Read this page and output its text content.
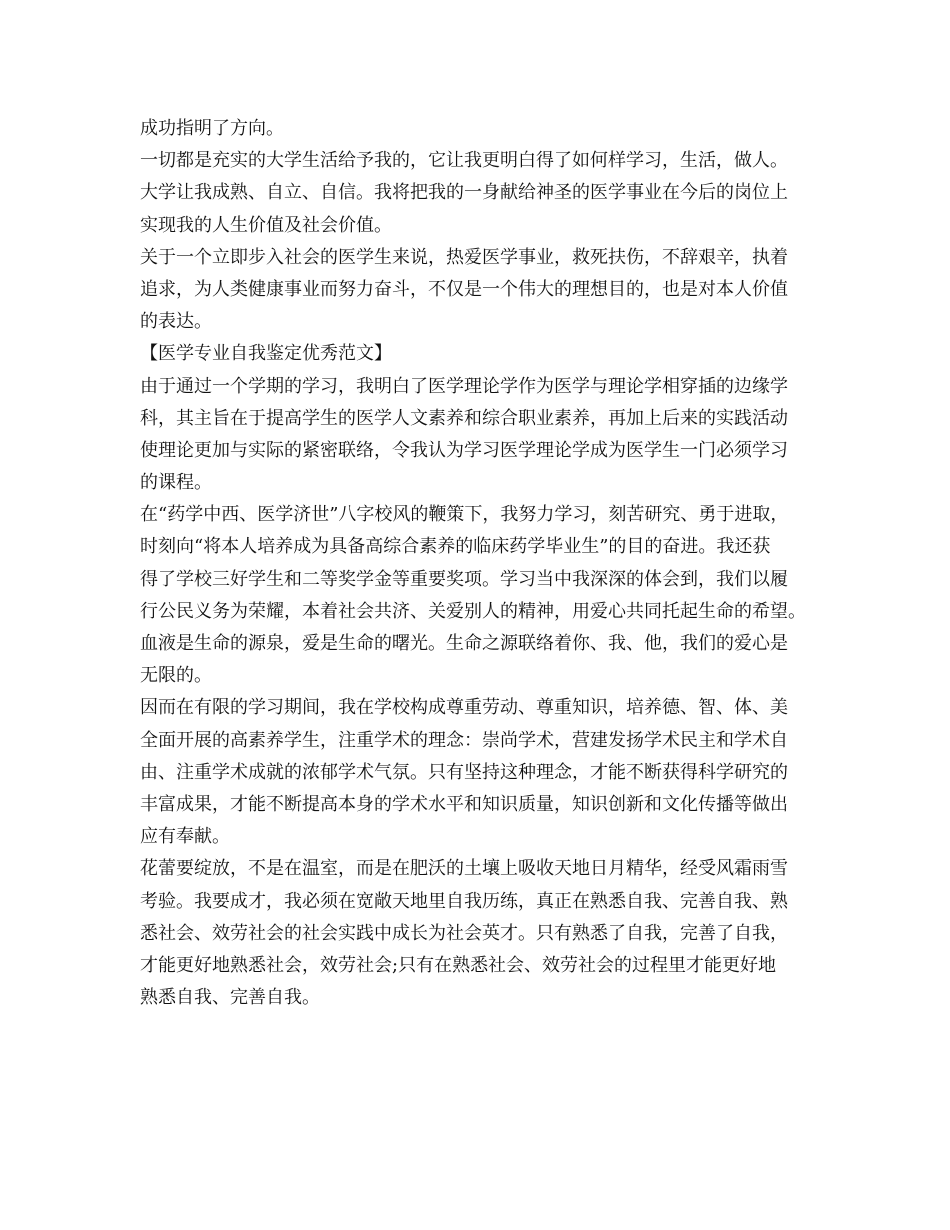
成功指明了方向。
一切都是充实的大学生活给予我的，它让我更明白得了如何样学习，生活，做人。
大学让我成熟、自立、自信。我将把我的一身献给神圣的医学事业在今后的岗位上
实现我的人生价值及社会价值。
关于一个立即步入社会的医学生来说，热爱医学事业，救死扶伤，不辞艰辛，执着
追求，为人类健康事业而努力奋斗，不仅是一个伟大的理想目的，也是对本人价值
的表达。
【医学专业自我鉴定优秀范文】
由于通过一个学期的学习，我明白了医学理论学作为医学与理论学相穿插的边缘学
科，其主旨在于提高学生的医学人文素养和综合职业素养，再加上后来的实践活动
使理论更加与实际的紧密联络，令我认为学习医学理论学成为医学生一门必须学习
的课程。
在“药学中西、医学济世”八字校风的鞭策下，我努力学习，刻苦研究、勇于进取，
时刻向“将本人培养成为具备高综合素养的临床药学毕业生”的目的奋进。我还获
得了学校三好学生和二等奖学金等重要奖项。学习当中我深深的体会到，我们以履
行公民义务为荣耀，本着社会共济、关爱别人的精神，用爱心共同托起生命的希望。
血液是生命的源泉，爱是生命的曙光。生命之源联络着你、我、他，我们的爱心是
无限的。
因而在有限的学习期间，我在学校构成尊重劳动、尊重知识，培养德、智、体、美
全面开展的高素养学生，注重学术的理念：崇尚学术，营建发扬学术民主和学术自
由、注重学术成就的浓郁学术气氛。只有坚持这种理念，才能不断获得科学研究的
丰富成果，才能不断提高本身的学术水平和知识质量，知识创新和文化传播等做出
应有奉献。
花蕾要绽放，不是在温室，而是在肥沃的土壤上吸收天地日月精华，经受风霜雨雪
考验。我要成才，我必须在宽敞天地里自我历练，真正在熟悉自我、完善自我、熟
悉社会、效劳社会的社会实践中成长为社会英才。只有熟悉了自我，完善了自我，
才能更好地熟悉社会，效劳社会;只有在熟悉社会、效劳社会的过程里才能更好地
熟悉自我、完善自我。
